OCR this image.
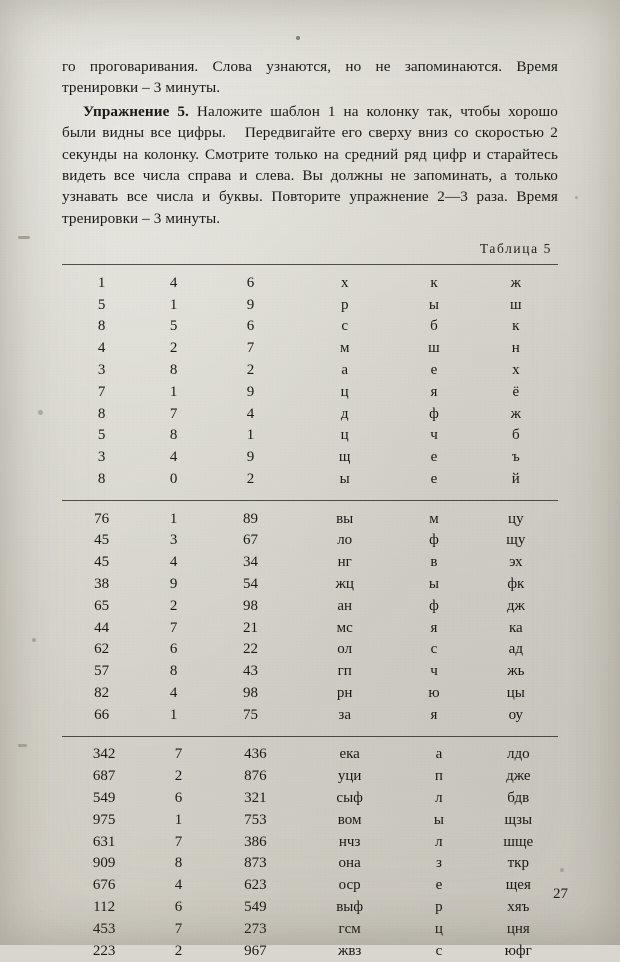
го проговаривания. Слова узнаются, но не запоминаются. Время тренировки – 3 минуты.

Упражнение 5. Наложите шаблон 1 на колонку так, чтобы хорошо были видны все цифры.   Передвигайте его сверху вниз со скоростью 2 секунды на колонку. Смотрите только на средний ряд цифр и старайтесь видеть все числа справа и слева. Вы должны не запоминать, а только узнавать все числа и буквы. Повторите упражнение 2—3 раза. Время тренировки – 3 минуты.

Таблица 5
1	4	6	х	к	ж
5	1	9	р	ы	ш
8	5	6	с	б	к
4	2	7	м	ш	н
3	8	2	а	е	х
7	1	9	ц	я	ё
8	7	4	д	ф	ж
5	8	1	ц	ч	б
3	4	9	щ	е	ъ
8	0	2	ы	е	й
76	1	89	вы	м	цу
45	3	67	ло	ф	щу
45	4	34	нг	в	эх
38	9	54	жц	ы	фк
65	2	98	ан	ф	дж
44	7	21	мс	я	ка
62	6	22	ол	с	ад
57	8	43	гп	ч	жь
82	4	98	рн	ю	цы
66	1	75	за	я	оу
342	7	436	ека	а	лдо
687	2	876	уци	п	дже
549	6	321	сыф	л	бдв
975	1	753	вом	ы	щзы
631	7	386	нчз	л	шще
909	8	873	она	з	ткр
676	4	623	оср	е	щея
112	6	549	выф	р	хяъ
453	7	273	гсм	ц	цня
223	2	967	жвз	с	юфг
27
